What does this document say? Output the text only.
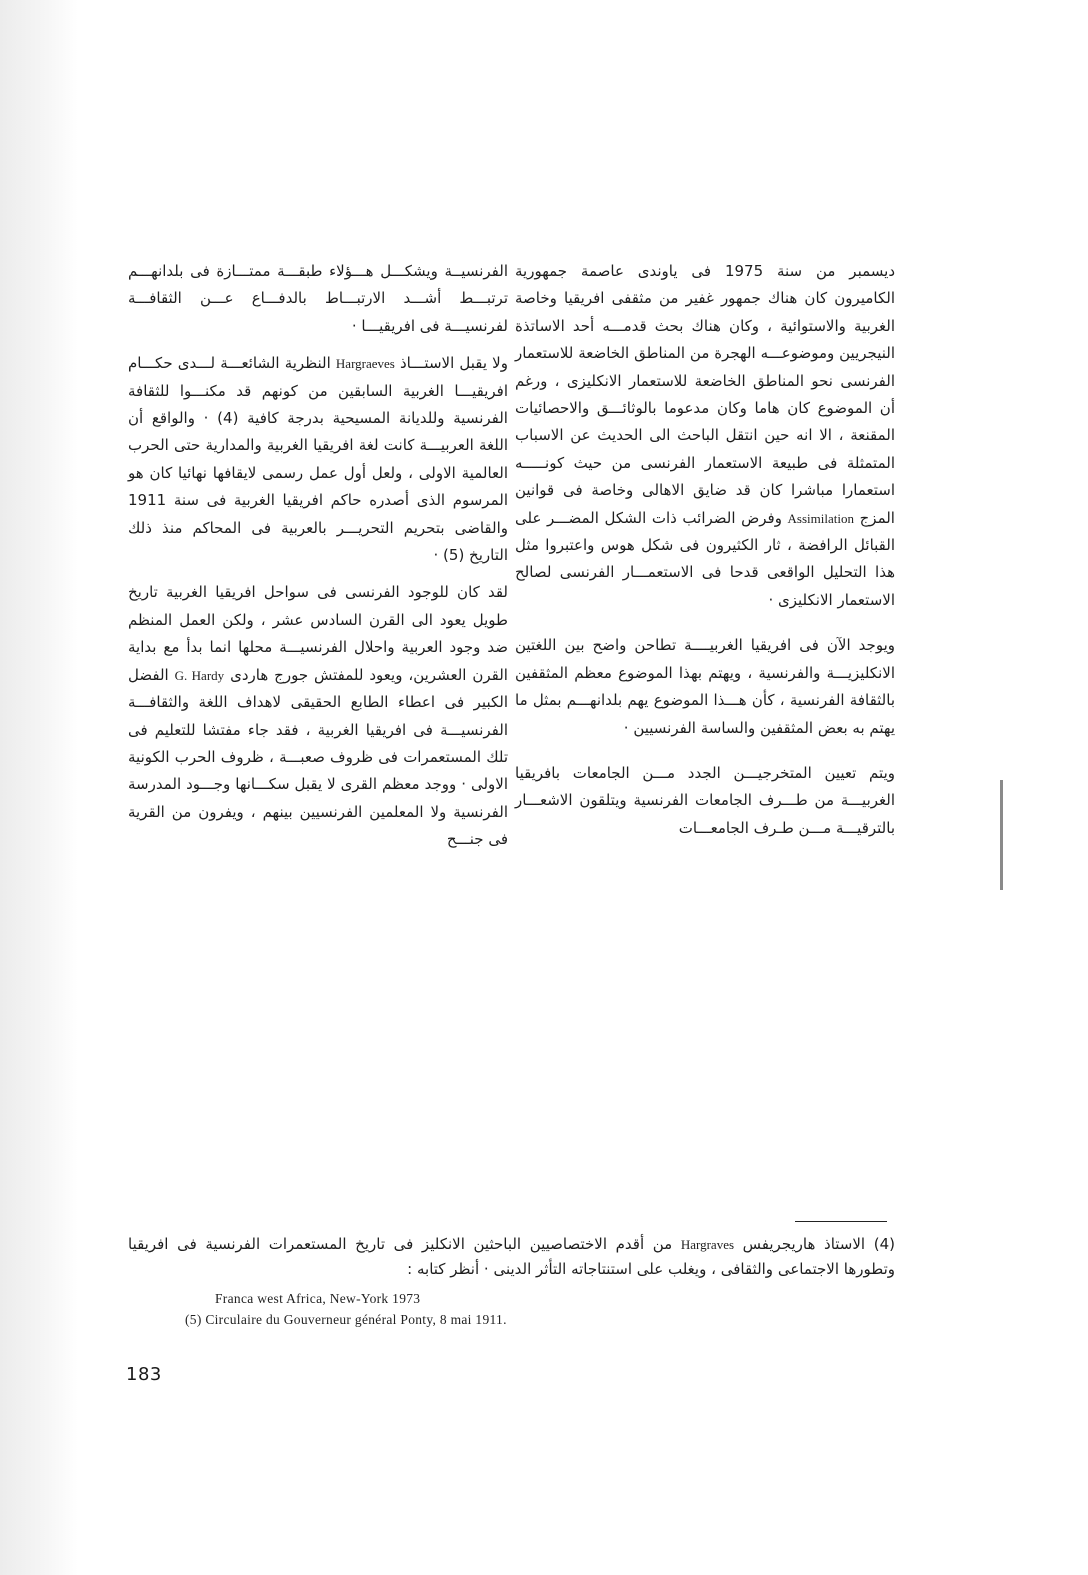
ديسمبر من سنة 1975 فى ياوندى عاصمة جمهورية الكاميرون كان هناك جمهور غفير من مثقفى افريقيا وخاصة الغربية والاستوائية ، وكان هناك بحث قدمـــه أحد الاساتذة النيجريين وموضوعـــه الهجرة من المناطق الخاضعة للاستعمار الفرنسى نحو المناطق الخاضعة للاستعمار الانكليزى ، ورغم أن الموضوع كان هاما وكان مدعوما بالوثائـــق والاحصائيات المقنعة ، الا انه حين انتقل الباحث الى الحديث عن الاسباب المتمثلة فى طبيعة الاستعمار الفرنسى من حيث كونـــــه استعمارا مباشرا كان قد ضايق الاهالى وخاصة فى قوانين المزج Assimilation وفرض الضرائب ذات الشكل المضـــر على القبائل الرافضة ، ثار الكثيرون فى شكل هوس واعتبروا مثل هذا التحليل الواقعى قدحا فى الاستعمـــار الفرنسى لصالح الاستعمار الانكليزى ·

ويوجد الآن فى افريقيا الغربيــــة تطاحن واضح بين اللغتين الانكليزيـــة والفرنسية ، ويهتم بهذا الموضوع معظم المثقفين بالثقافة الفرنسية ، كأن هـــذا الموضوع يهم بلدانهـــم بمثل ما يهتم به بعض المثقفين والساسة الفرنسيين ·

ويتم تعيين المتخرجيـــن الجدد مـــن الجامعات بافريقيا الغربيـــة من طـــرف الجامعات الفرنسية ويتلقون الاشعـــار بالترقيـــة مـــن طـرف الجامعـــات

الفرنسيــة ويشكـــل هـــؤلاء طبقـــة ممتـــازة فى بلدانهـــم ترتبـــط أشـــد الارتبـــاط بالدفـــاع عـــن الثقافـــة لفرنسيـــة فى افريقيـــا ·

ولا يقبل الاستـــاذ Hargraeves النظرية الشائعـــة لـــدى حكـــام افريقيـــا الغربية السابقين من كونهم قد مكنـــوا للثقافة الفرنسية وللديانة المسيحية بدرجة كافية (4) · والواقع أن اللغة العربيـــة كانت لغة افريقيا الغربية والمدارية حتى الحرب العالمية الاولى ، ولعل أول عمل رسمى لايقافها نهائيا كان هو المرسوم الذى أصدره حاكم افريقيا الغربية فى سنة 1911 والقاضى بتحريم التحريـــر بالعربية فى المحاكم منذ ذلك التاريخ (5) ·

لقد كان للوجود الفرنسى فى سواحل افريقيا الغربية تاريخ طويل يعود الى القرن السادس عشر ، ولكن العمل المنظم ضد وجود العربية واحلال الفرنسيـــة محلها انما بدأ مع بداية القرن العشرين، ويعود للمفتش جورج هاردى G. Hardy الفضل الكبير فى اعطاء الطابع الحقيقى لاهداف اللغة والثقافـــة الفرنسيـــة فى افريقيا الغربية ، فقد جاء مفتشا للتعليم فى تلك المستعمرات فى ظروف صعبـــة ، ظروف الحرب الكونية الاولى · ووجد معظم القرى لا يقبل سكـــانها وجـــود المدرسة الفرنسية ولا المعلمين الفرنسيين بينهم ، ويفرون من القرية فى جنـــح

(4) الاستاذ هاريجريفس Hargraves من أقدم الاختصاصيين الباحثين الانكليز فى تاريخ المستعمرات الفرنسية فى افريقيا وتطورها الاجتماعى والثقافى ، ويغلب على استنتاجاته التأثر الدينى · أنظر كتابه :

Franca west Africa, New-York 1973
(5) Circulaire du Gouverneur général Ponty, 8 mai 1911.
183
